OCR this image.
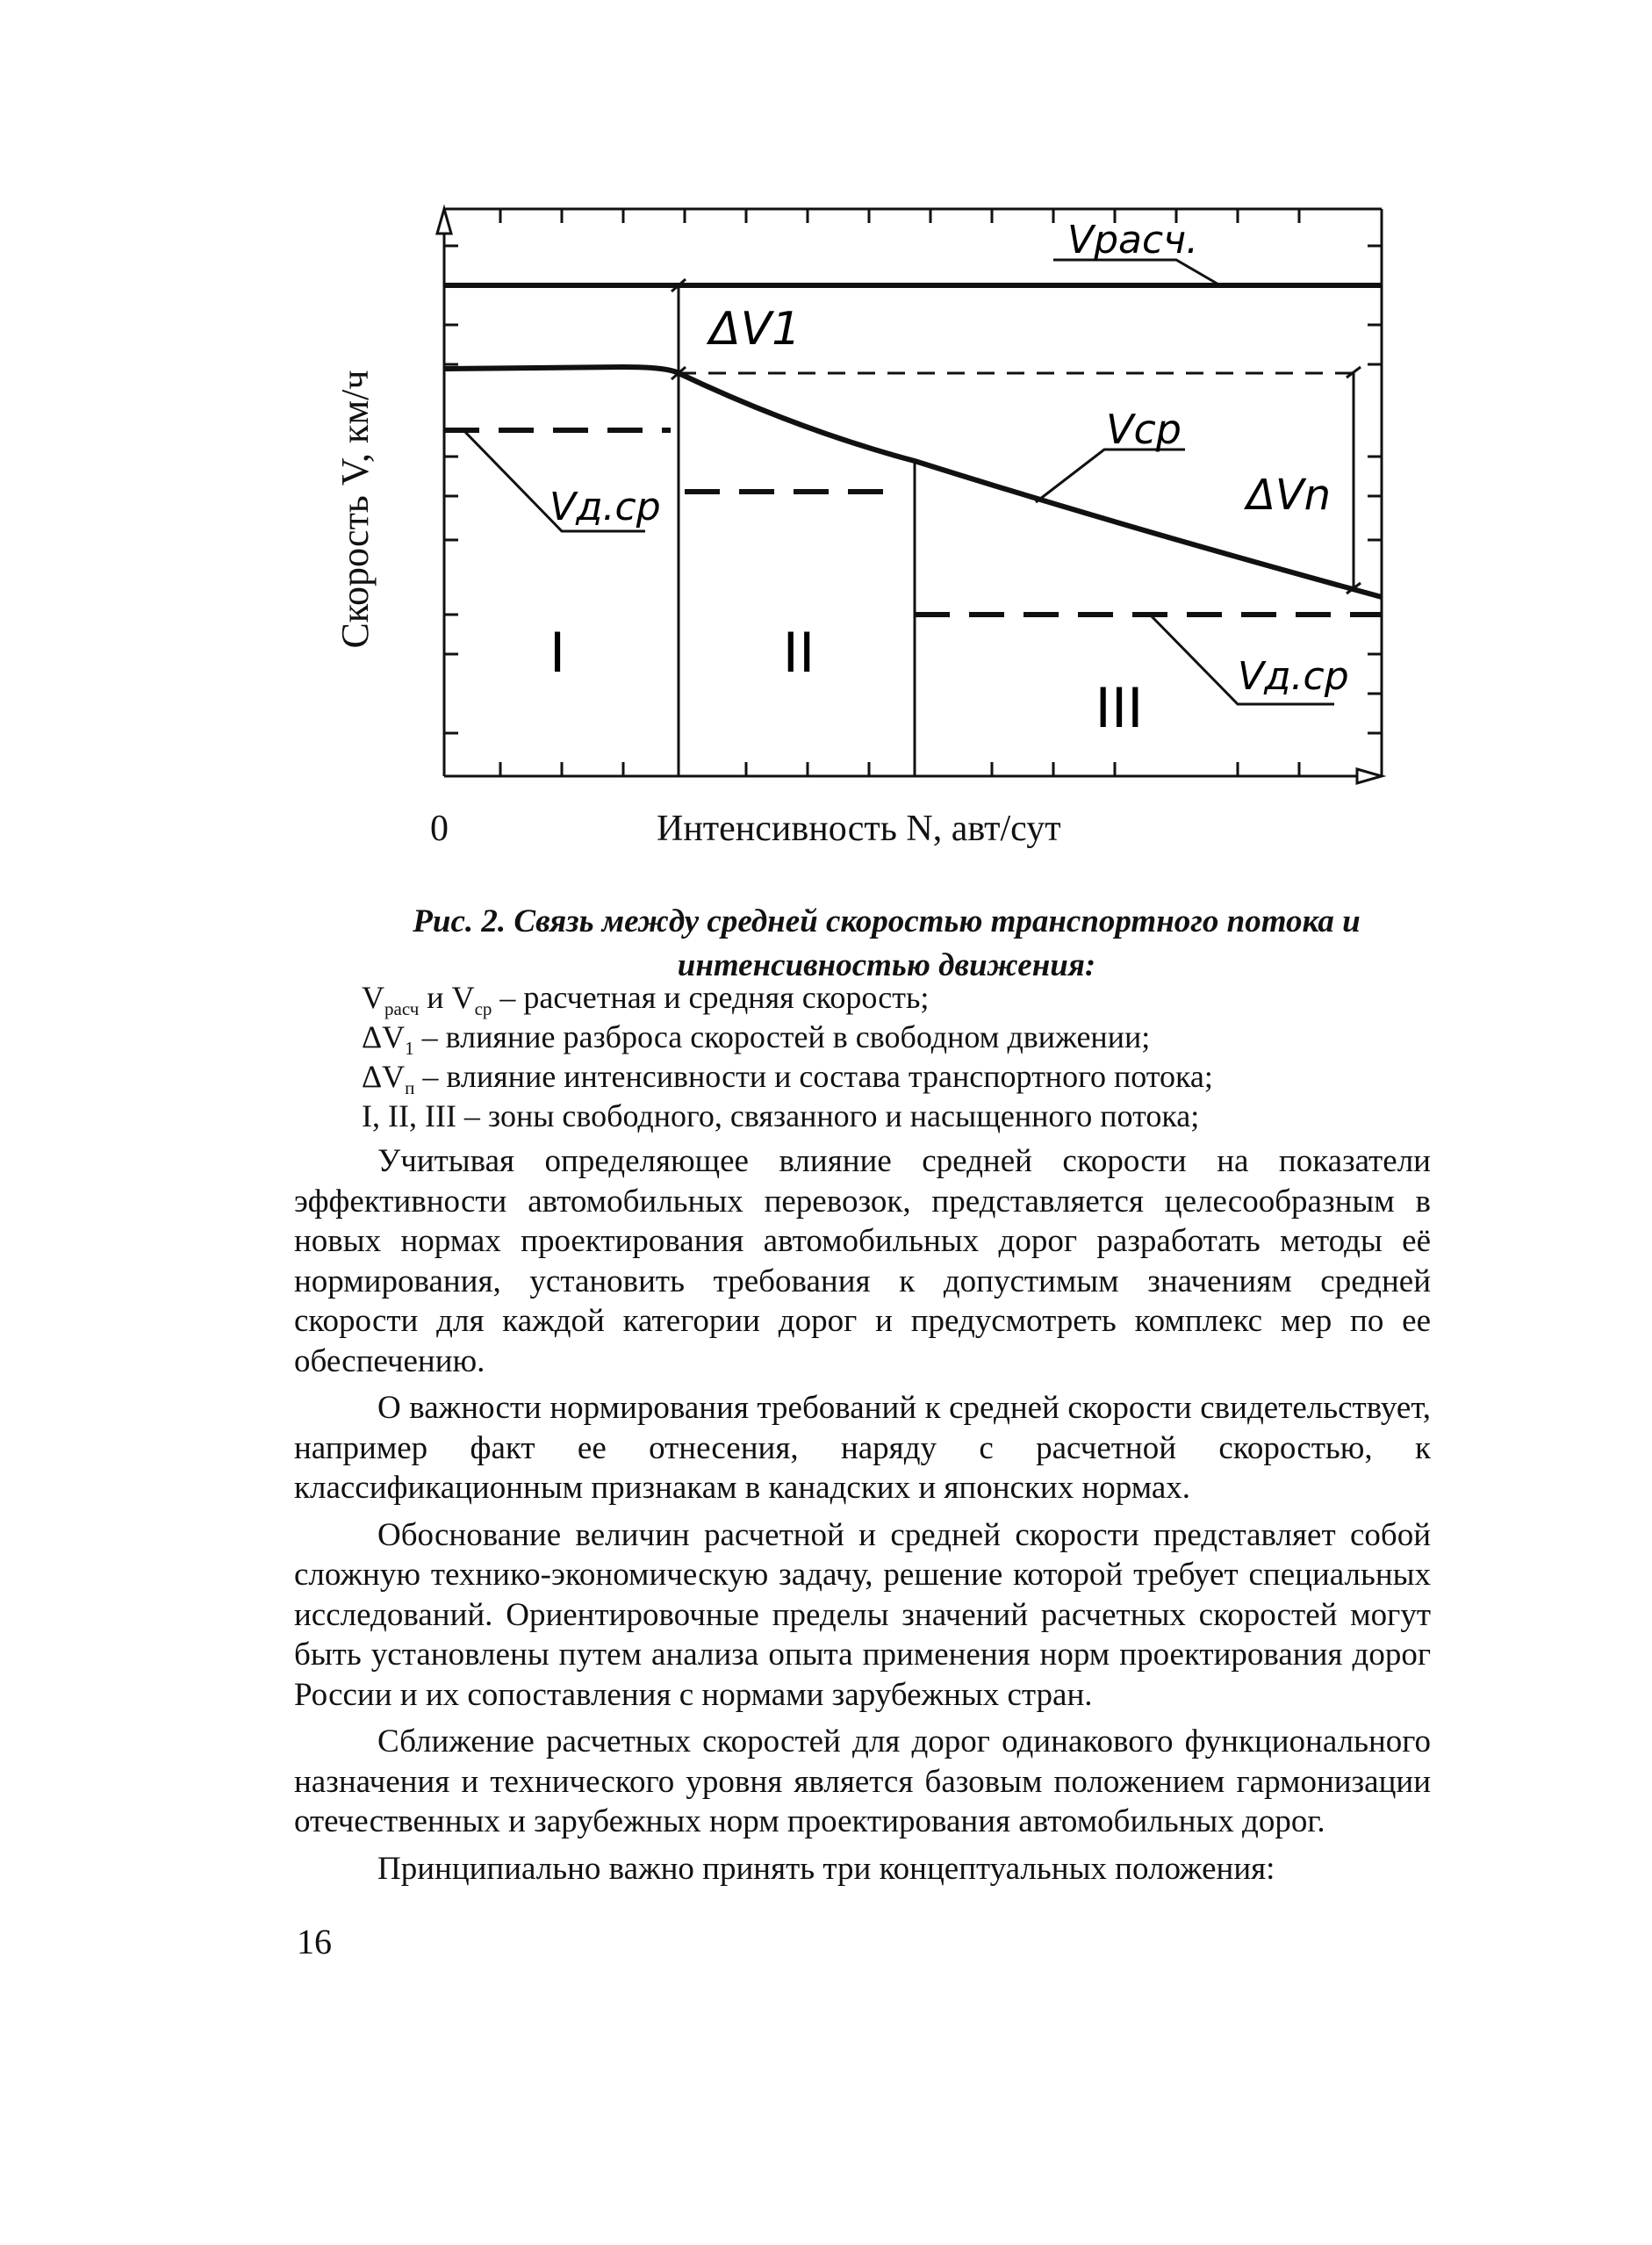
Vрасч.
ΔV1
Vср
ΔVn
Vд.ср
Vд.ср
I	II
III
Скорость V, км/ч
0	Интенсивность N, авт/сут
Рис. 2. Связь между средней скоростью транспортного потока и
интенсивностью движения:
$V_{расч}$ и $V_{ср}$ – расчетная и средняя скорость;
$\Delta V_1$ – влияние разброса скоростей в свободном движении;
$\Delta V_п$ – влияние интенсивности и состава транспортного потока;
I, II, III – зоны свободного, связанного и насыщенного потока;

Учитывая определяющее влияние средней скорости на показатели эффективности автомобильных перевозок, представляется целесообразным в новых нормах проектирования автомобильных дорог разработать методы её нормирования, установить требования к допустимым значениям средней скорости для каждой категории дорог и предусмотреть комплекс мер по ее обеспечению.

О важности нормирования требований к средней скорости свидетельствует, например факт ее отнесения, наряду с расчетной скоростью, к классификационным признакам в канадских и японских нормах.

Обоснование величин расчетной и средней скорости представляет собой сложную технико-экономическую задачу, решение которой требует специальных исследований. Ориентировочные пределы значений расчетных скоростей могут быть установлены путем анализа опыта применения норм проектирования дорог России и их сопоставления с нормами зарубежных стран.

Сближение расчетных скоростей для дорог одинакового функционального назначения и технического уровня является базовым положением гармонизации отечественных и зарубежных норм проектирования автомобильных дорог.

Принципиально важно принять три концептуальных положения:

16
